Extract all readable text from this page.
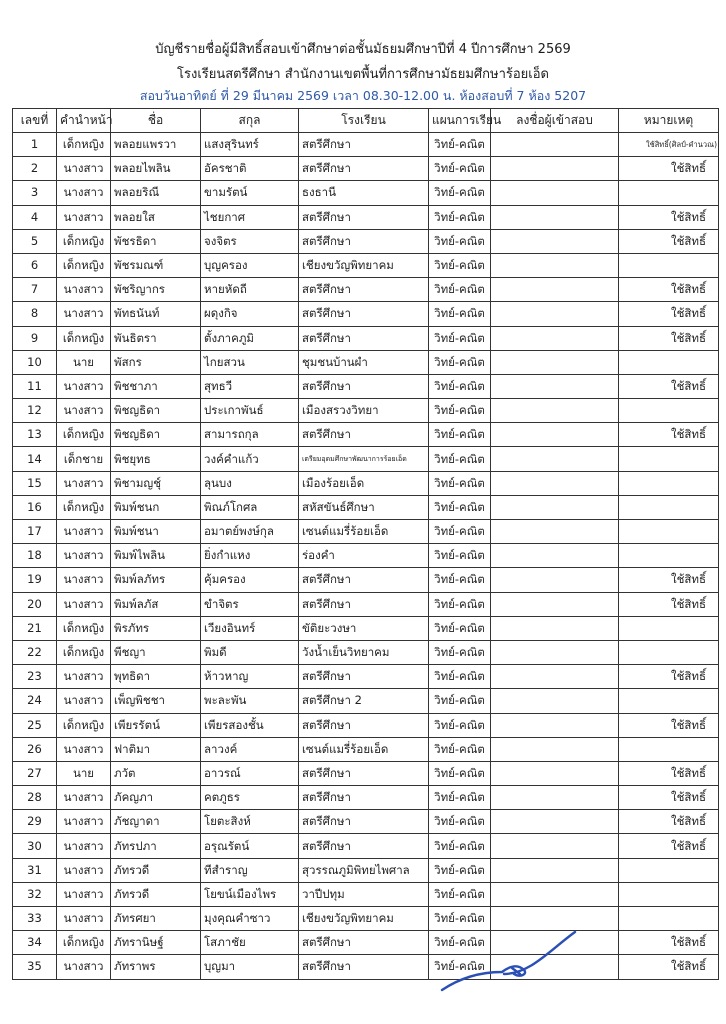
บัญชีรายชื่อผู้มีสิทธิ์สอบเข้าศึกษาต่อชั้นมัธยมศึกษาปีที่ 4 ปีการศึกษา 2569
โรงเรียนสตรีศึกษา สำนักงานเขตพื้นที่การศึกษามัธยมศึกษาร้อยเอ็ด
สอบวันอาทิตย์ ที่ 29 มีนาคม 2569 เวลา 08.30-12.00 น. ห้องสอบที่ 7 ห้อง 5207
เลขที่	คำนำหน้า	ชื่อ	สกุล	โรงเรียน	แผนการเรียน	ลงชื่อผู้เข้าสอบ	หมายเหตุ
1	เด็กหญิง	พลอยแพรวา	แสงสุรินทร์	สตรีศึกษา	วิทย์-คณิต		ใช้สิทธิ์(ศิลป์-คำนวณ)
2	นางสาว	พลอยไพลิน	อัครชาติ	สตรีศึกษา	วิทย์-คณิต		ใช้สิทธิ์
3	นางสาว	พลอยริณี	ขามรัตน์	ธงธานี	วิทย์-คณิต		
4	นางสาว	พลอยใส	ไชยกาศ	สตรีศึกษา	วิทย์-คณิต		ใช้สิทธิ์
5	เด็กหญิง	พัชรธิดา	จงจิตร	สตรีศึกษา	วิทย์-คณิต		ใช้สิทธิ์
6	เด็กหญิง	พัชรมณฑ์	บุญครอง	เชียงขวัญพิทยาคม	วิทย์-คณิต		
7	นางสาว	พัชริญากร	หายหัดถี	สตรีศึกษา	วิทย์-คณิต		ใช้สิทธิ์
8	นางสาว	พัทธนันท์	ผดุงกิจ	สตรีศึกษา	วิทย์-คณิต		ใช้สิทธิ์
9	เด็กหญิง	พันธิตรา	ตั้งภาคภูมิ	สตรีศึกษา	วิทย์-คณิต		ใช้สิทธิ์
10	นาย	พัสกร	ไกยสวน	ชุมชนบ้านผำ	วิทย์-คณิต		
11	นางสาว	พิชชาภา	สุทธวี	สตรีศึกษา	วิทย์-คณิต		ใช้สิทธิ์
12	นางสาว	พิชญธิดา	ประเกาพันธ์	เมืองสรวงวิทยา	วิทย์-คณิต		
13	เด็กหญิง	พิชญธิดา	สามารถกุล	สตรีศึกษา	วิทย์-คณิต		ใช้สิทธิ์
14	เด็กชาย	พิชยุทธ	วงค์คำแก้ว	เตรียมอุดมศึกษาพัฒนาการร้อยเอ็ด	วิทย์-คณิต		
15	นางสาว	พิชามญชุ์	ลุนบง	เมืองร้อยเอ็ด	วิทย์-คณิต		
16	เด็กหญิง	พิมพ์ชนก	พิณภ์โกศล	สหัสขันธ์ศึกษา	วิทย์-คณิต		
17	นางสาว	พิมพ์ชนา	อมาตย์พงษ์กุล	เซนต์แมรี่ร้อยเอ็ด	วิทย์-คณิต		
18	นางสาว	พิมพ์ไพลิน	ยิ่งกำแหง	ร่องคำ	วิทย์-คณิต		
19	นางสาว	พิมพ์ลภัทร	คุ้มครอง	สตรีศึกษา	วิทย์-คณิต		ใช้สิทธิ์
20	นางสาว	พิมพ์ลภัส	ขำจิตร	สตรีศึกษา	วิทย์-คณิต		ใช้สิทธิ์
21	เด็กหญิง	พิรภัทร	เวียงอินทร์	ขัติยะวงษา	วิทย์-คณิต		
22	เด็กหญิง	พีชญา	พิมดี	วังน้ำเย็นวิทยาคม	วิทย์-คณิต		
23	นางสาว	พุทธิดา	ห้าวหาญ	สตรีศึกษา	วิทย์-คณิต		ใช้สิทธิ์
24	นางสาว	เพ็ญพิชชา	พะละพัน	สตรีศึกษา 2	วิทย์-คณิต		
25	เด็กหญิง	เพียรรัตน์	เพียรสองชั้น	สตรีศึกษา	วิทย์-คณิต		ใช้สิทธิ์
26	นางสาว	ฟาติมา	ลาวงค์	เซนต์แมรี่ร้อยเอ็ด	วิทย์-คณิต		
27	นาย	ภวัต	อาวรณ์	สตรีศึกษา	วิทย์-คณิต		ใช้สิทธิ์
28	นางสาว	ภัคญภา	คตภูธร	สตรีศึกษา	วิทย์-คณิต		ใช้สิทธิ์
29	นางสาว	ภัชญาดา	โยตะสิงห์	สตรีศึกษา	วิทย์-คณิต		ใช้สิทธิ์
30	นางสาว	ภัทรปภา	อรุณรัตน์	สตรีศึกษา	วิทย์-คณิต		ใช้สิทธิ์
31	นางสาว	ภัทรวดี	ทีสำราญ	สุวรรณภูมิพิทยไพศาล	วิทย์-คณิต		
32	นางสาว	ภัทรวดี	โยขน์เมืองไพร	วาปีปทุม	วิทย์-คณิต		
33	นางสาว	ภัทรศยา	มุงคุณคำซาว	เชียงขวัญพิทยาคม	วิทย์-คณิต		
34	เด็กหญิง	ภัทรานิษฐ์	โสภาชัย	สตรีศึกษา	วิทย์-คณิต		ใช้สิทธิ์
35	นางสาว	ภัทราพร	บุญมา	สตรีศึกษา	วิทย์-คณิต		ใช้สิทธิ์
